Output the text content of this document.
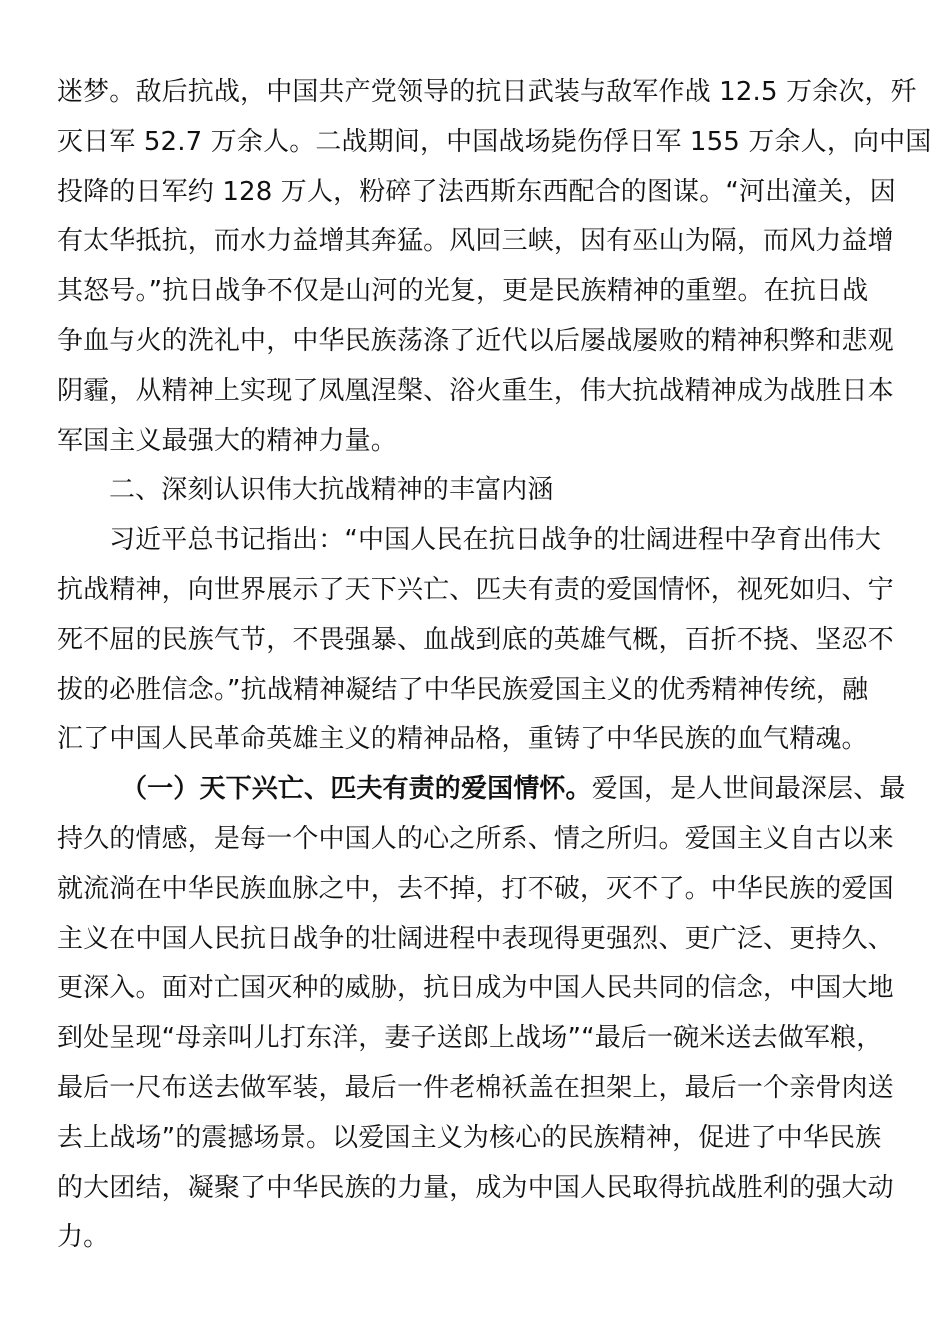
迷梦。敌后抗战，中国共产党领导的抗日武装与敌军作战 12.5 万余次，歼
灭日军 52.7 万余人。二战期间，中国战场毙伤俘日军 155 万余人，向中国
投降的日军约 128 万人，粉碎了法西斯东西配合的图谋。“河出潼关，因
有太华抵抗，而水力益增其奔猛。风回三峡，因有巫山为隔，而风力益增
其怒号。”抗日战争不仅是山河的光复，更是民族精神的重塑。在抗日战
争血与火的洗礼中，中华民族荡涤了近代以后屡战屡败的精神积弊和悲观
阴霾，从精神上实现了凤凰涅槃、浴火重生，伟大抗战精神成为战胜日本
军国主义最强大的精神力量。
二、深刻认识伟大抗战精神的丰富内涵
习近平总书记指出：“中国人民在抗日战争的壮阔进程中孕育出伟大
抗战精神，向世界展示了天下兴亡、匹夫有责的爱国情怀，视死如归、宁
死不屈的民族气节，不畏强暴、血战到底的英雄气概，百折不挠、坚忍不
拔的必胜信念。”抗战精神凝结了中华民族爱国主义的优秀精神传统，融
汇了中国人民革命英雄主义的精神品格，重铸了中华民族的血气精魂。
（一）天下兴亡、匹夫有责的爱国情怀。爱国，是人世间最深层、最
持久的情感，是每一个中国人的心之所系、情之所归。爱国主义自古以来
就流淌在中华民族血脉之中，去不掉，打不破，灭不了。中华民族的爱国
主义在中国人民抗日战争的壮阔进程中表现得更强烈、更广泛、更持久、
更深入。面对亡国灭种的威胁，抗日成为中国人民共同的信念，中国大地
到处呈现“母亲叫儿打东洋，妻子送郎上战场”“最后一碗米送去做军粮，
最后一尺布送去做军装，最后一件老棉袄盖在担架上，最后一个亲骨肉送
去上战场”的震撼场景。以爱国主义为核心的民族精神，促进了中华民族
的大团结，凝聚了中华民族的力量，成为中国人民取得抗战胜利的强大动
力。
